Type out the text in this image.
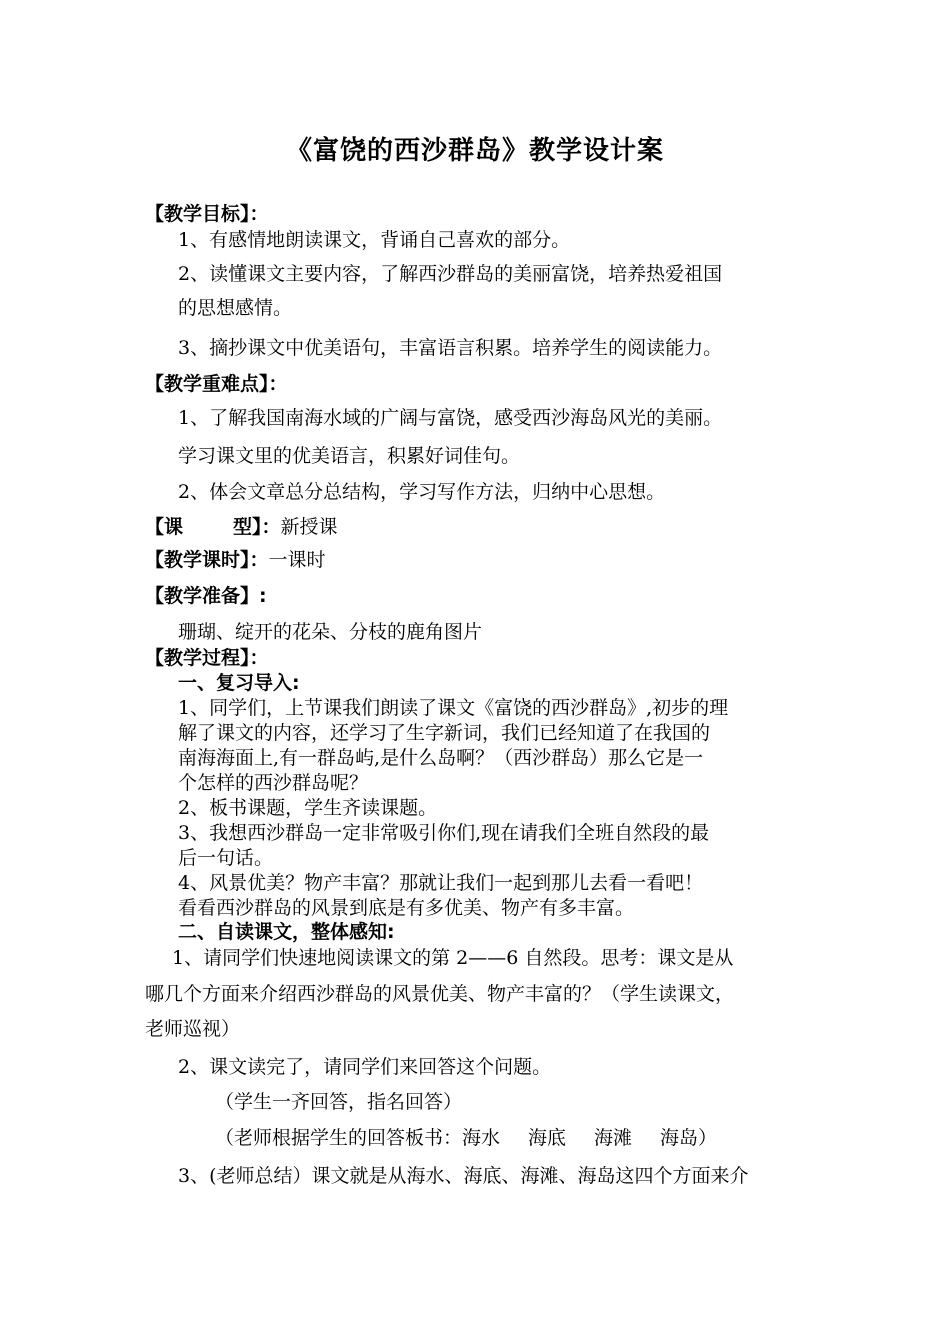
《富饶的西沙群岛》教学设计案
【教学目标】：
1、有感情地朗读课文，背诵自己喜欢的部分。
2、读懂课文主要内容，了解西沙群岛的美丽富饶，培养热爱祖国
的思想感情。
3、摘抄课文中优美语句，丰富语言积累。培养学生的阅读能力。
【教学重难点】：
1、了解我国南海水域的广阔与富饶，感受西沙海岛风光的美丽。
学习课文里的优美语言，积累好词佳句。
2、体会文章总分总结构，学习写作方法，归纳中心思想。
【课	型】：新授课
【教学课时】：一课时
【教学准备】:
珊瑚、绽开的花朵、分枝的鹿角图片
【教学过程】：
一、复习导入:
1、同学们，上节课我们朗读了课文《富饶的西沙群岛》,初步的理
解了课文的内容，还学习了生字新词，我们已经知道了在我国的
南海海面上,有一群岛屿,是什么岛啊？（西沙群岛）那么它是一
个怎样的西沙群岛呢？
2、板书课题，学生齐读课题。
3、我想西沙群岛一定非常吸引你们,现在请我们全班自然段的最
后一句话。
4、风景优美？物产丰富？那就让我们一起到那儿去看一看吧！
看看西沙群岛的风景到底是有多优美、物产有多丰富。
二、自读课文，整体感知:
1、请同学们快速地阅读课文的第 2——6 自然段。思考：课文是从
哪几个方面来介绍西沙群岛的风景优美、物产丰富的？（学生读课文，
老师巡视）
2、课文读完了，请同学们来回答这个问题。
（学生一齐回答，指名回答）
（老师根据学生的回答板书：海水 海底 海滩 海岛）
3、(老师总结）课文就是从海水、海底、海滩、海岛这四个方面来介
